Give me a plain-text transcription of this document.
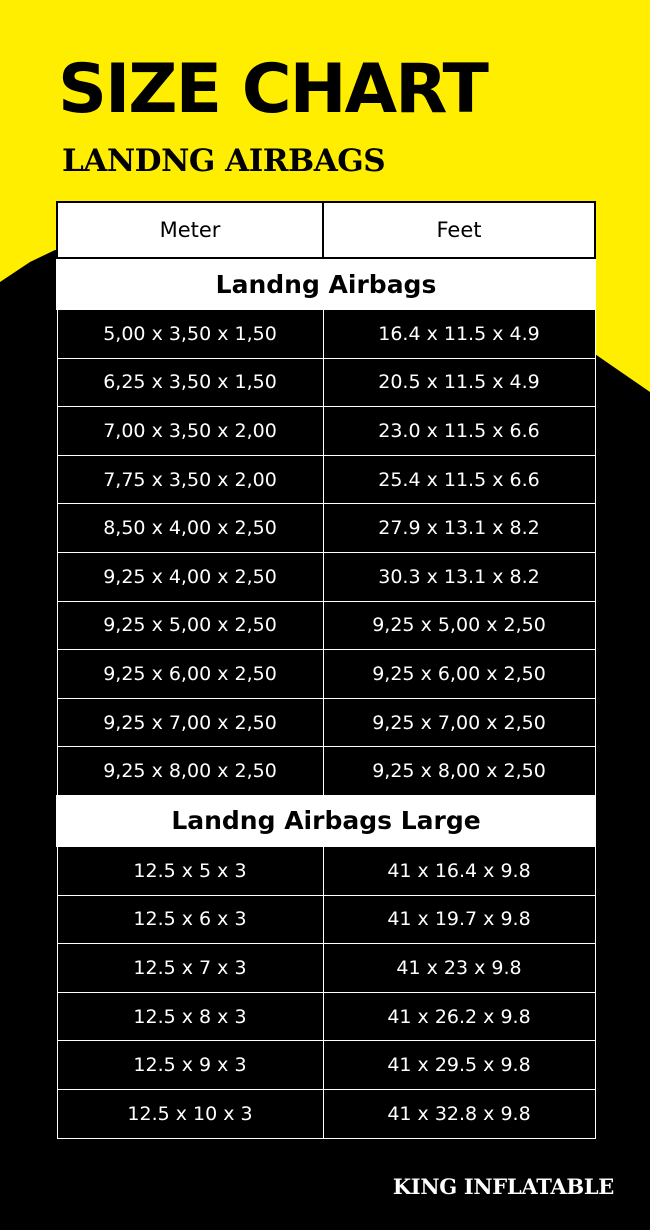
SIZE CHART
LANDNG AIRBAGS
Meter	Feet
Landng Airbags	
5,00 x 3,50 x 1,50	16.4 x 11.5 x 4.9
6,25 x 3,50 x 1,50	20.5 x 11.5 x 4.9
7,00 x 3,50 x 2,00	23.0 x 11.5 x 6.6
7,75 x 3,50 x 2,00	25.4 x 11.5 x 6.6
8,50 x 4,00 x 2,50	27.9 x 13.1 x 8.2
9,25 x 4,00 x 2,50	30.3 x 13.1 x 8.2
9,25 x 5,00 x 2,50	9,25 x 5,00 x 2,50
9,25 x 6,00 x 2,50	9,25 x 6,00 x 2,50
9,25 x 7,00 x 2,50	9,25 x 7,00 x 2,50
9,25 x 8,00 x 2,50	9,25 x 8,00 x 2,50
Landng Airbags Large	
12.5 x 5 x 3	41 x 16.4 x 9.8
12.5 x 6 x 3	41 x 19.7 x 9.8
12.5 x 7 x 3	41 x 23 x 9.8
12.5 x 8 x 3	41 x 26.2 x 9.8
12.5 x 9 x 3	41 x 29.5 x 9.8
12.5 x 10 x 3	41 x 32.8 x 9.8

KING INFLATABLE
